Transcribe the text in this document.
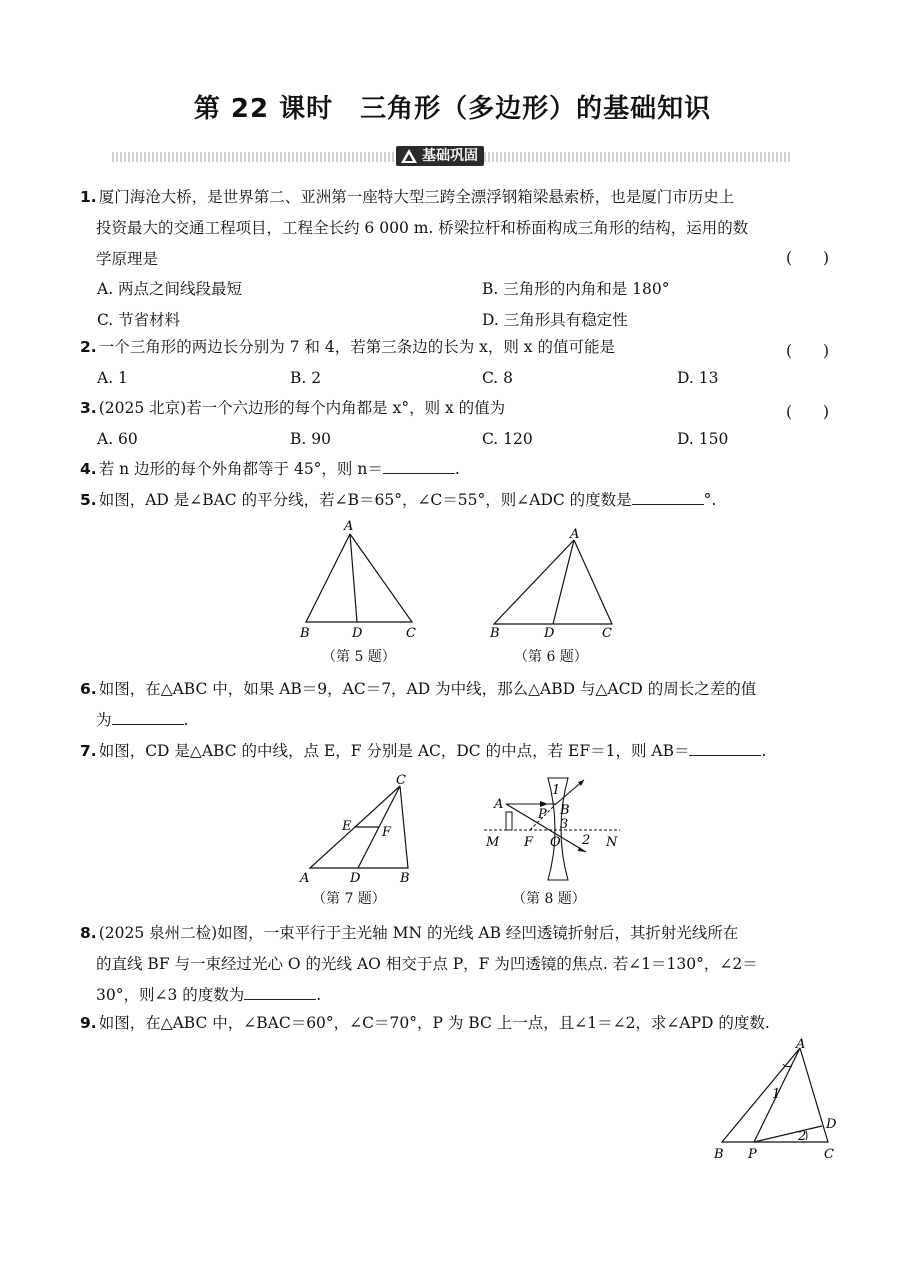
第 22 课时　三角形（多边形）的基础知识
基础巩固
1. 厦门海沧大桥，是世界第二、亚洲第一座特大型三跨全漂浮钢箱梁悬索桥，也是厦门市历史上
投资最大的交通工程项目，工程全长约 6 000 m. 桥梁拉杆和桥面构成三角形的结构，运用的数
学原理是	(　　)
A. 两点之间线段最短	B. 三角形的内角和是 180°
C. 节省材料	D. 三角形具有稳定性
2. 一个三角形的两边长分别为 7 和 4，若第三条边的长为 x，则 x 的值可能是	(　　)
A. 1	B. 2	C. 8	D. 13
3. (2025 北京)若一个六边形的每个内角都是 x°，则 x 的值为	(　　)
A. 60	B. 90	C. 120	D. 150
4. 若 n 边形的每个外角都等于 45°，则 n＝	.
5. 如图，AD 是∠BAC 的平分线，若∠B＝65°，∠C＝55°，则∠ADC 的度数是	°.
A
B	D	C
（第 5 题）
A
B	D	C
（第 6 题）
6. 如图，在△ABC 中，如果 AB＝9，AC＝7，AD 为中线，那么△ABD 与△ACD 的周长之差的值
为	.
7. 如图，CD 是△ABC 的中线，点 E，F 分别是 AC，DC 的中点，若 EF＝1，则 AB＝	.
C
E F
A	D	B
（第 7 题）
A	B
P
1
3
2
M F O	N
（第 8 题）
8. (2025 泉州二检)如图，一束平行于主光轴 MN 的光线 AB 经凹透镜折射后，其折射光线所在
的直线 BF 与一束经过光心 O 的光线 AO 相交于点 P，F 为凹透镜的焦点. 若∠1＝130°，∠2＝
30°，则∠3 的度数为	.
9. 如图，在△ABC 中，∠BAC＝60°，∠C＝70°，P 为 BC 上一点，且∠1＝∠2，求∠APD 的度数.
A
1
D
2
B P	C
